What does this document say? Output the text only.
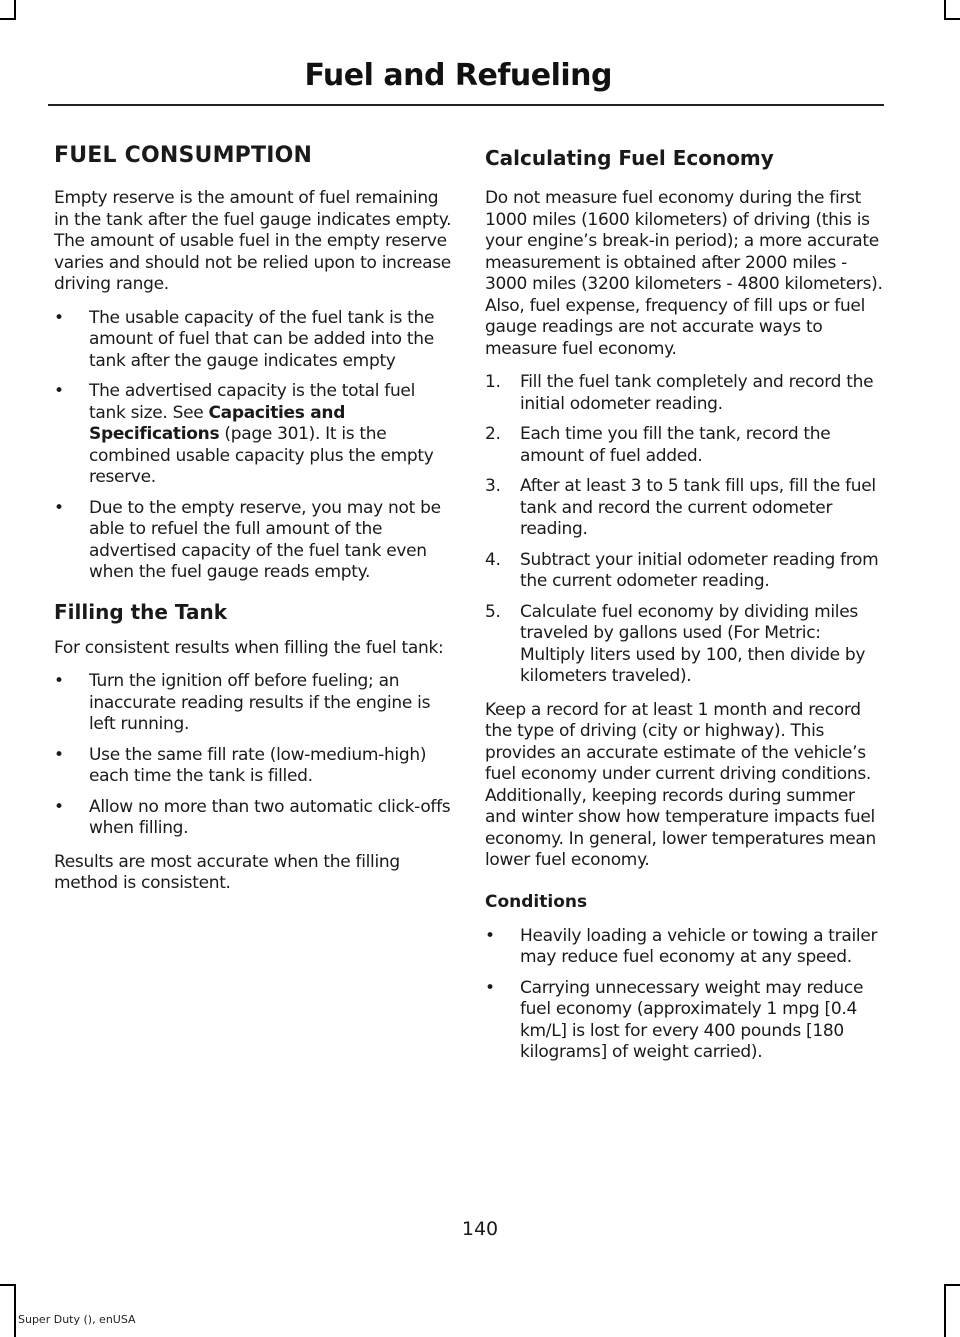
Fuel and Refueling
FUEL CONSUMPTION

Empty reserve is the amount of fuel remaining in the tank after the fuel gauge indicates empty. The amount of usable fuel in the empty reserve varies and should not be relied upon to increase driving range.

•	The usable capacity of the fuel tank is the amount of fuel that can be added into the tank after the gauge indicates empty
•	The advertised capacity is the total fuel tank size. See Capacities and Specifications (page 301). It is the combined usable capacity plus the empty reserve.
•	Due to the empty reserve, you may not be able to refuel the full amount of the advertised capacity of the fuel tank even when the fuel gauge reads empty.
Filling the Tank

For consistent results when filling the fuel tank:

•	Turn the ignition off before fueling; an inaccurate reading results if the engine is left running.
•	Use the same fill rate (low-medium-high) each time the tank is filled.
•	Allow no more than two automatic click-offs when filling.

Results are most accurate when the filling method is consistent.

Calculating Fuel Economy

Do not measure fuel economy during the first 1000 miles (1600 kilometers) of driving (this is your engine’s break-in period); a more accurate measurement is obtained after 2000 miles - 3000 miles (3200 kilometers - 4800 kilometers). Also, fuel expense, frequency of fill ups or fuel gauge readings are not accurate ways to measure fuel economy.

1.	Fill the fuel tank completely and record the initial odometer reading.
2.	Each time you fill the tank, record the amount of fuel added.
3.	After at least 3 to 5 tank fill ups, fill the fuel tank and record the current odometer reading.
4.	Subtract your initial odometer reading from the current odometer reading.
5.	Calculate fuel economy by dividing miles traveled by gallons used (For Metric: Multiply liters used by 100, then divide by kilometers traveled).

Keep a record for at least 1 month and record the type of driving (city or highway). This provides an accurate estimate of the vehicle’s fuel economy under current driving conditions. Additionally, keeping records during summer and winter show how temperature impacts fuel economy. In general, lower temperatures mean lower fuel economy.

Conditions
•	Heavily loading a vehicle or towing a trailer may reduce fuel economy at any speed.
•	Carrying unnecessary weight may reduce fuel economy (approximately 1 mpg [0.4 km/L] is lost for every 400 pounds [180 kilograms] of weight carried).
140
Super Duty (), enUSA
